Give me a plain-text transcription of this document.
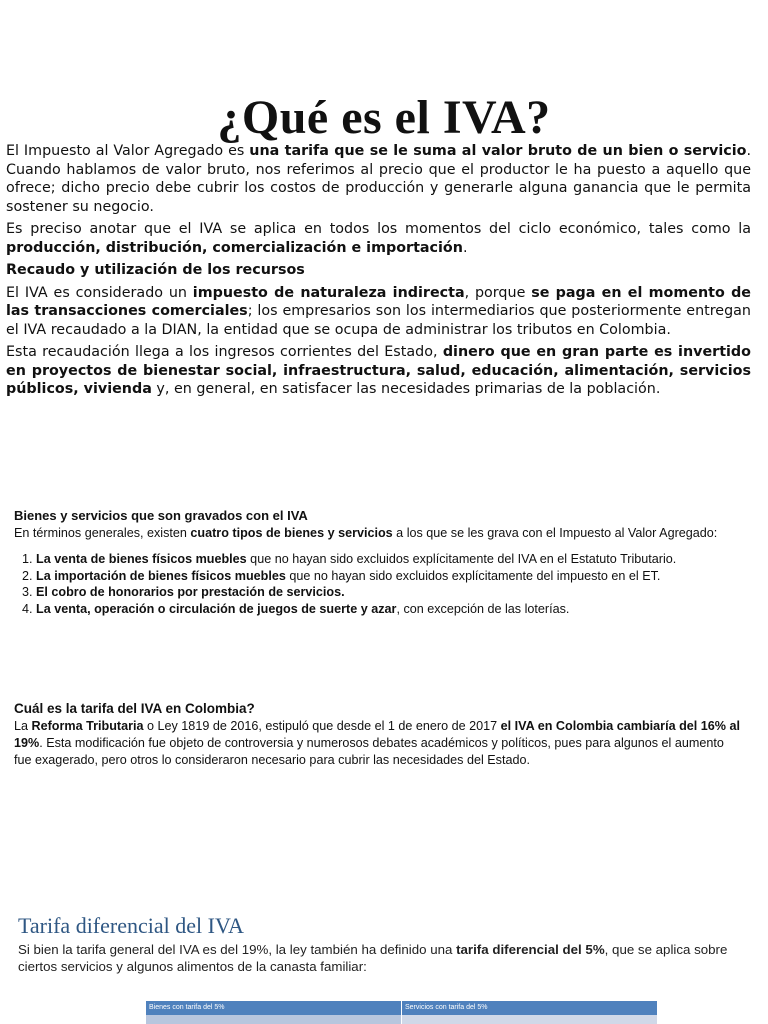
¿Qué es el IVA?

El Impuesto al Valor Agregado es una tarifa que se le suma al valor bruto de un bien o servicio. Cuando hablamos de valor bruto, nos referimos al precio que el productor le ha puesto a aquello que ofrece; dicho precio debe cubrir los costos de producción y generarle alguna ganancia que le permita sostener su negocio.

Es preciso anotar que el IVA se aplica en todos los momentos del ciclo económico, tales como la producción, distribución, comercialización e importación.

Recaudo y utilización de los recursos

El IVA es considerado un impuesto de naturaleza indirecta, porque se paga en el momento de las transacciones comerciales; los empresarios son los intermediarios que posteriormente entregan el IVA recaudado a la DIAN, la entidad que se ocupa de administrar los tributos en Colombia.

Esta recaudación llega a los ingresos corrientes del Estado, dinero que en gran parte es invertido en proyectos de bienestar social, infraestructura, salud, educación, alimentación, servicios públicos, vivienda y, en general, en satisfacer las necesidades primarias de la población.

Bienes y servicios que son gravados con el IVA
En términos generales, existen cuatro tipos de bienes y servicios a los que se les grava con el Impuesto al Valor Agregado:
1. La venta de bienes físicos muebles que no hayan sido excluidos explícitamente del IVA en el Estatuto Tributario.
2. La importación de bienes físicos muebles que no hayan sido excluidos explícitamente del impuesto en el ET.
3. El cobro de honorarios por prestación de servicios.
4. La venta, operación o circulación de juegos de suerte y azar, con excepción de las loterías.
Cuál es la tarifa del IVA en Colombia?
La Reforma Tributaria o Ley 1819 de 2016, estipuló que desde el 1 de enero de 2017 el IVA en Colombia cambiaría del 16% al 19%. Esta modificación fue objeto de controversia y numerosos debates académicos y políticos, pues para algunos el aumento fue exagerado, pero otros lo consideraron necesario para cubrir las necesidades del Estado.
Tarifa diferencial del IVA
Si bien la tarifa general del IVA es del 19%, la ley también ha definido una tarifa diferencial del 5%, que se aplica sobre ciertos servicios y algunos alimentos de la canasta familiar:
Bienes con tarifa del 5%	Servicios con tarifa del 5%
